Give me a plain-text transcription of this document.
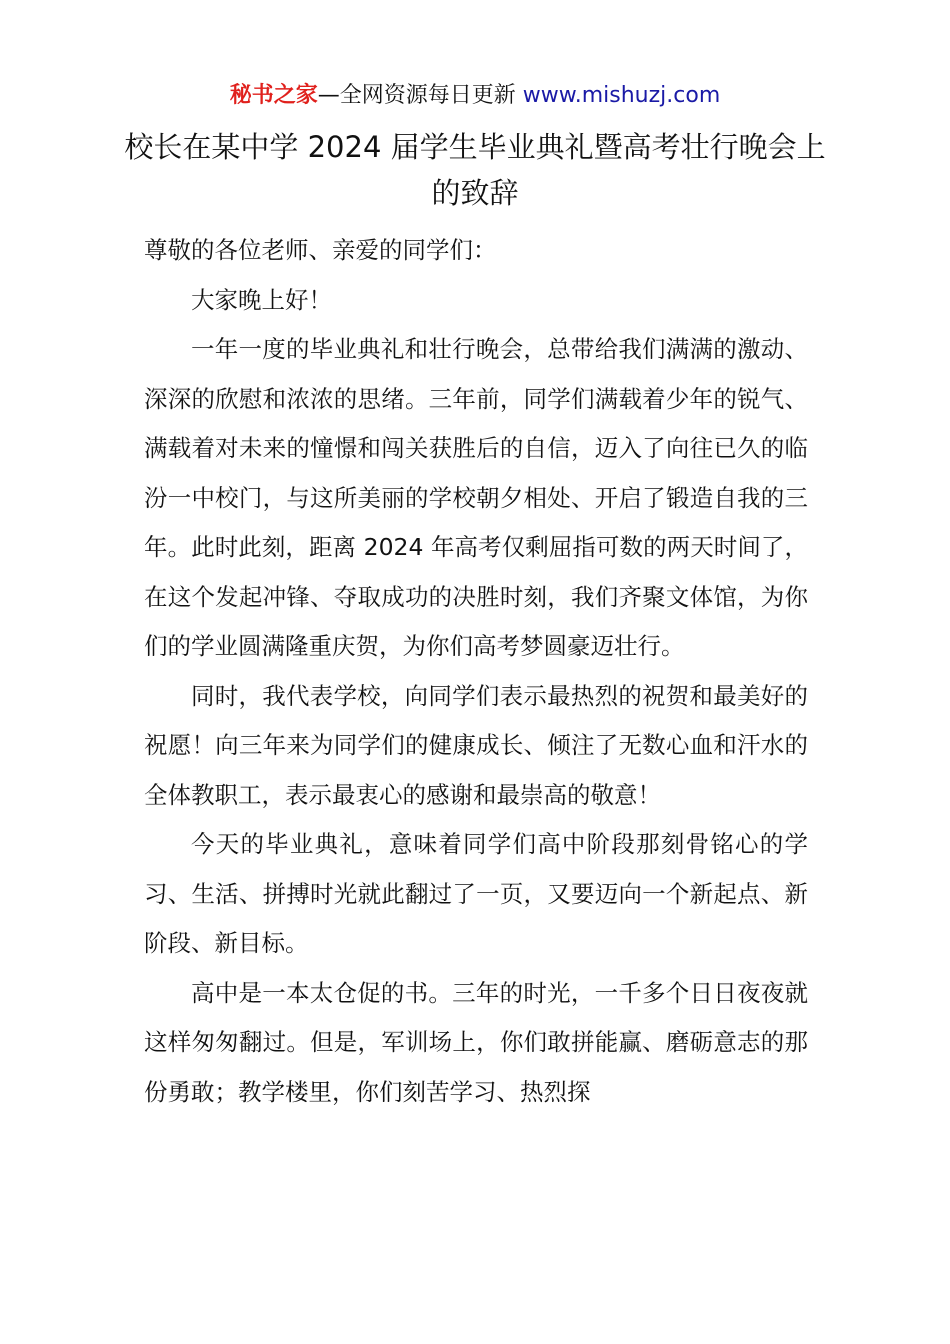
秘书之家—全网资源每日更新 www.mishuzj.com
校长在某中学 2024 届学生毕业典礼暨高考壮行晚会上的致辞

尊敬的各位老师、亲爱的同学们：

大家晚上好！

一年一度的毕业典礼和壮行晚会，总带给我们满满的激动、深深的欣慰和浓浓的思绪。三年前，同学们满载着少年的锐气、满载着对未来的憧憬和闯关获胜后的自信，迈入了向往已久的临汾一中校门，与这所美丽的学校朝夕相处、开启了锻造自我的三年。此时此刻，距离 2024 年高考仅剩屈指可数的两天时间了，在这个发起冲锋、夺取成功的决胜时刻，我们齐聚文体馆，为你们的学业圆满隆重庆贺，为你们高考梦圆豪迈壮行。

同时，我代表学校，向同学们表示最热烈的祝贺和最美好的祝愿！向三年来为同学们的健康成长、倾注了无数心血和汗水的全体教职工，表示最衷心的感谢和最崇高的敬意！

今天的毕业典礼，意味着同学们高中阶段那刻骨铭心的学习、生活、拼搏时光就此翻过了一页，又要迈向一个新起点、新阶段、新目标。

高中是一本太仓促的书。三年的时光，一千多个日日夜夜就这样匆匆翻过。但是，军训场上，你们敢拼能赢、磨砺意志的那份勇敢；教学楼里，你们刻苦学习、热烈探
